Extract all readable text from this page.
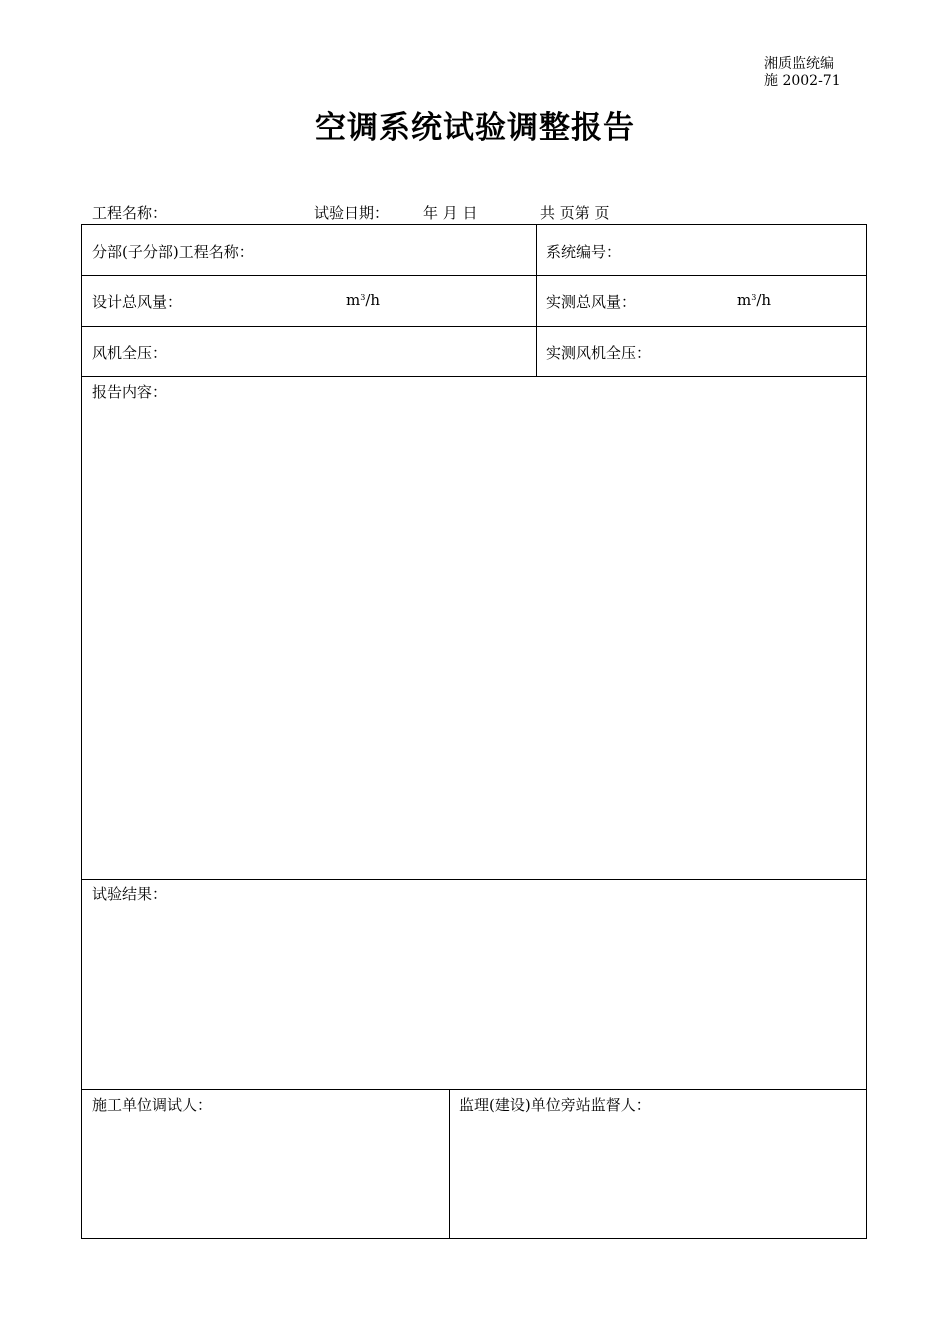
湘质监统编
施 2002-71
空调系统试验调整报告
工程名称：	试验日期： 年 月 日	共 页第 页
分部(子分部)工程名称：	系统编号：
设计总风量：	$m^3/h$	实测总风量：	$m^3/h$
风机全压：	实测风机全压：
报告内容：
试验结果：
施工单位调试人：	监理(建设)单位旁站监督人：
